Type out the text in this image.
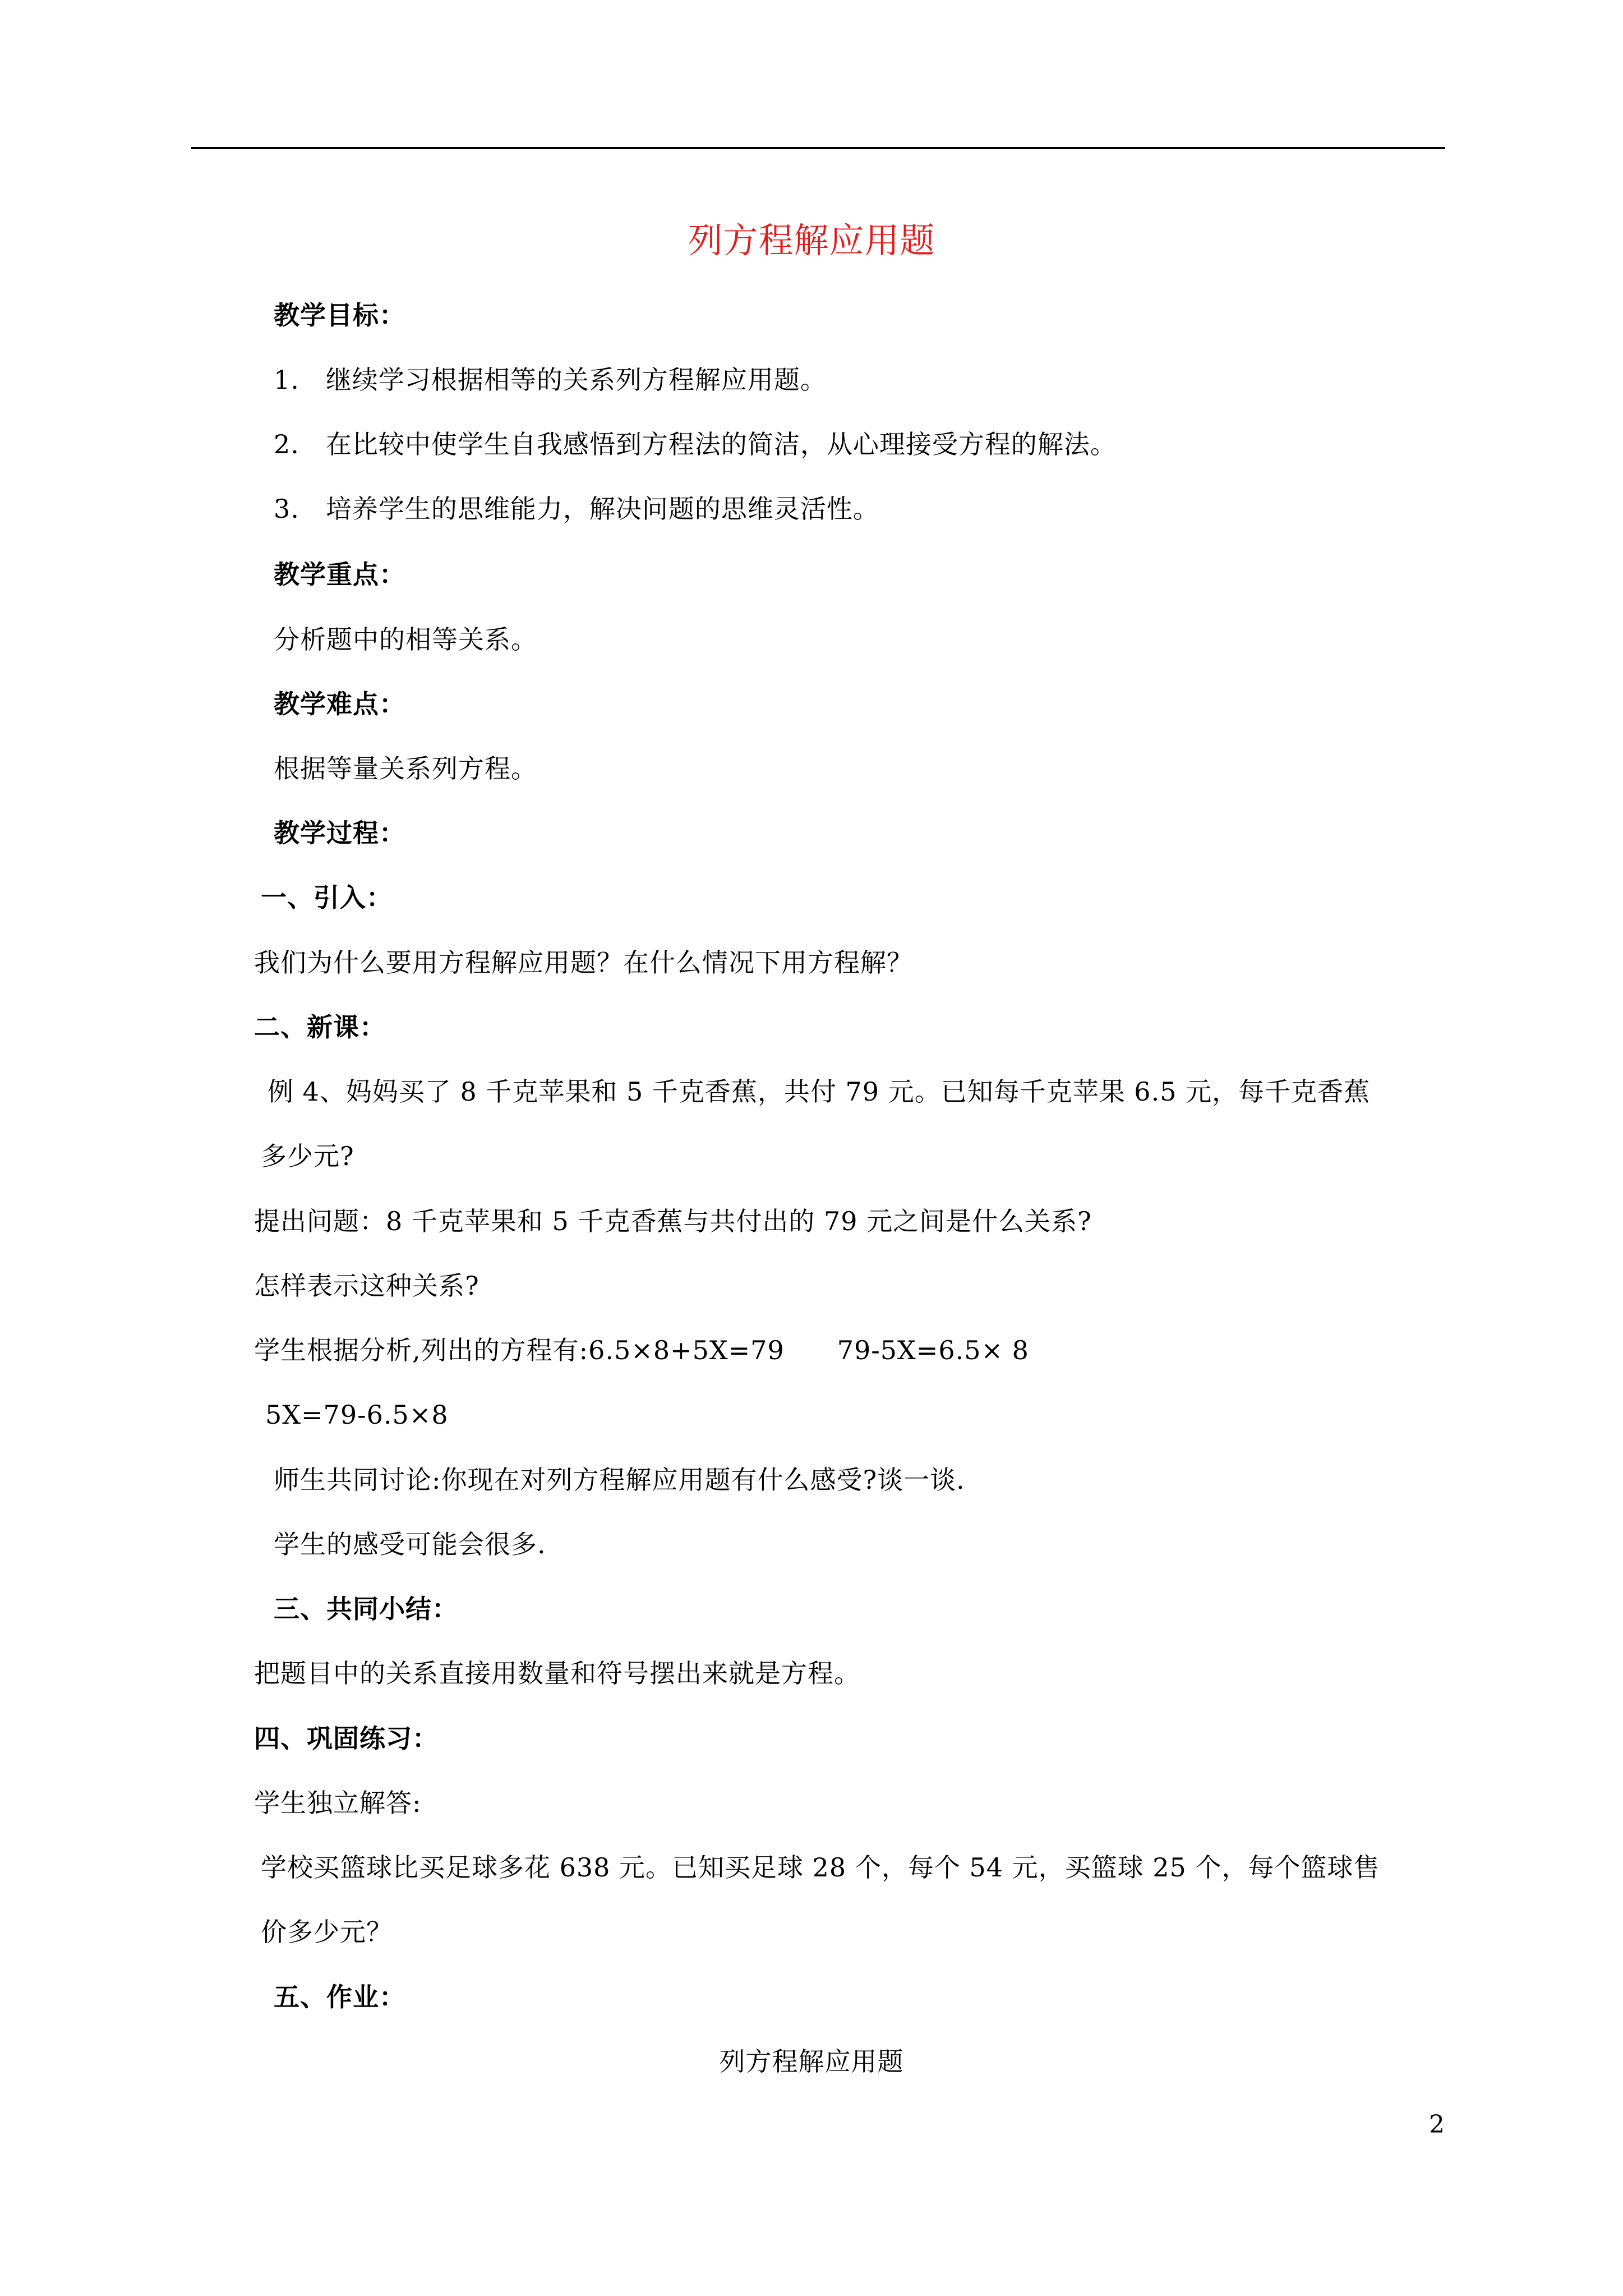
列方程解应用题
教学目标：
1.　继续学习根据相等的关系列方程解应用题。
2.　在比较中使学生自我感悟到方程法的简洁，从心理接受方程的解法。
3.　培养学生的思维能力，解决问题的思维灵活性。
教学重点：
分析题中的相等关系。
教学难点：
根据等量关系列方程。
教学过程：
一、引入：
我们为什么要用方程解应用题？在什么情况下用方程解？
二、新课：
例 4、妈妈买了 8 千克苹果和 5 千克香蕉，共付 79 元。已知每千克苹果 6.5 元，每千克香蕉
多少元?
提出问题：8 千克苹果和 5 千克香蕉与共付出的 79 元之间是什么关系?
怎样表示这种关系?
学生根据分析,列出的方程有:6.5×8+5X=79　　79-5X=6.5× 8
5X=79-6.5×8
师生共同讨论:你现在对列方程解应用题有什么感受?谈一谈.
学生的感受可能会很多.
三、共同小结：
把题目中的关系直接用数量和符号摆出来就是方程。
四、巩固练习：
学生独立解答:
学校买篮球比买足球多花 638 元。已知买足球 28 个，每个 54 元，买篮球 25 个，每个篮球售
价多少元？
五、作业：
列方程解应用题
2
